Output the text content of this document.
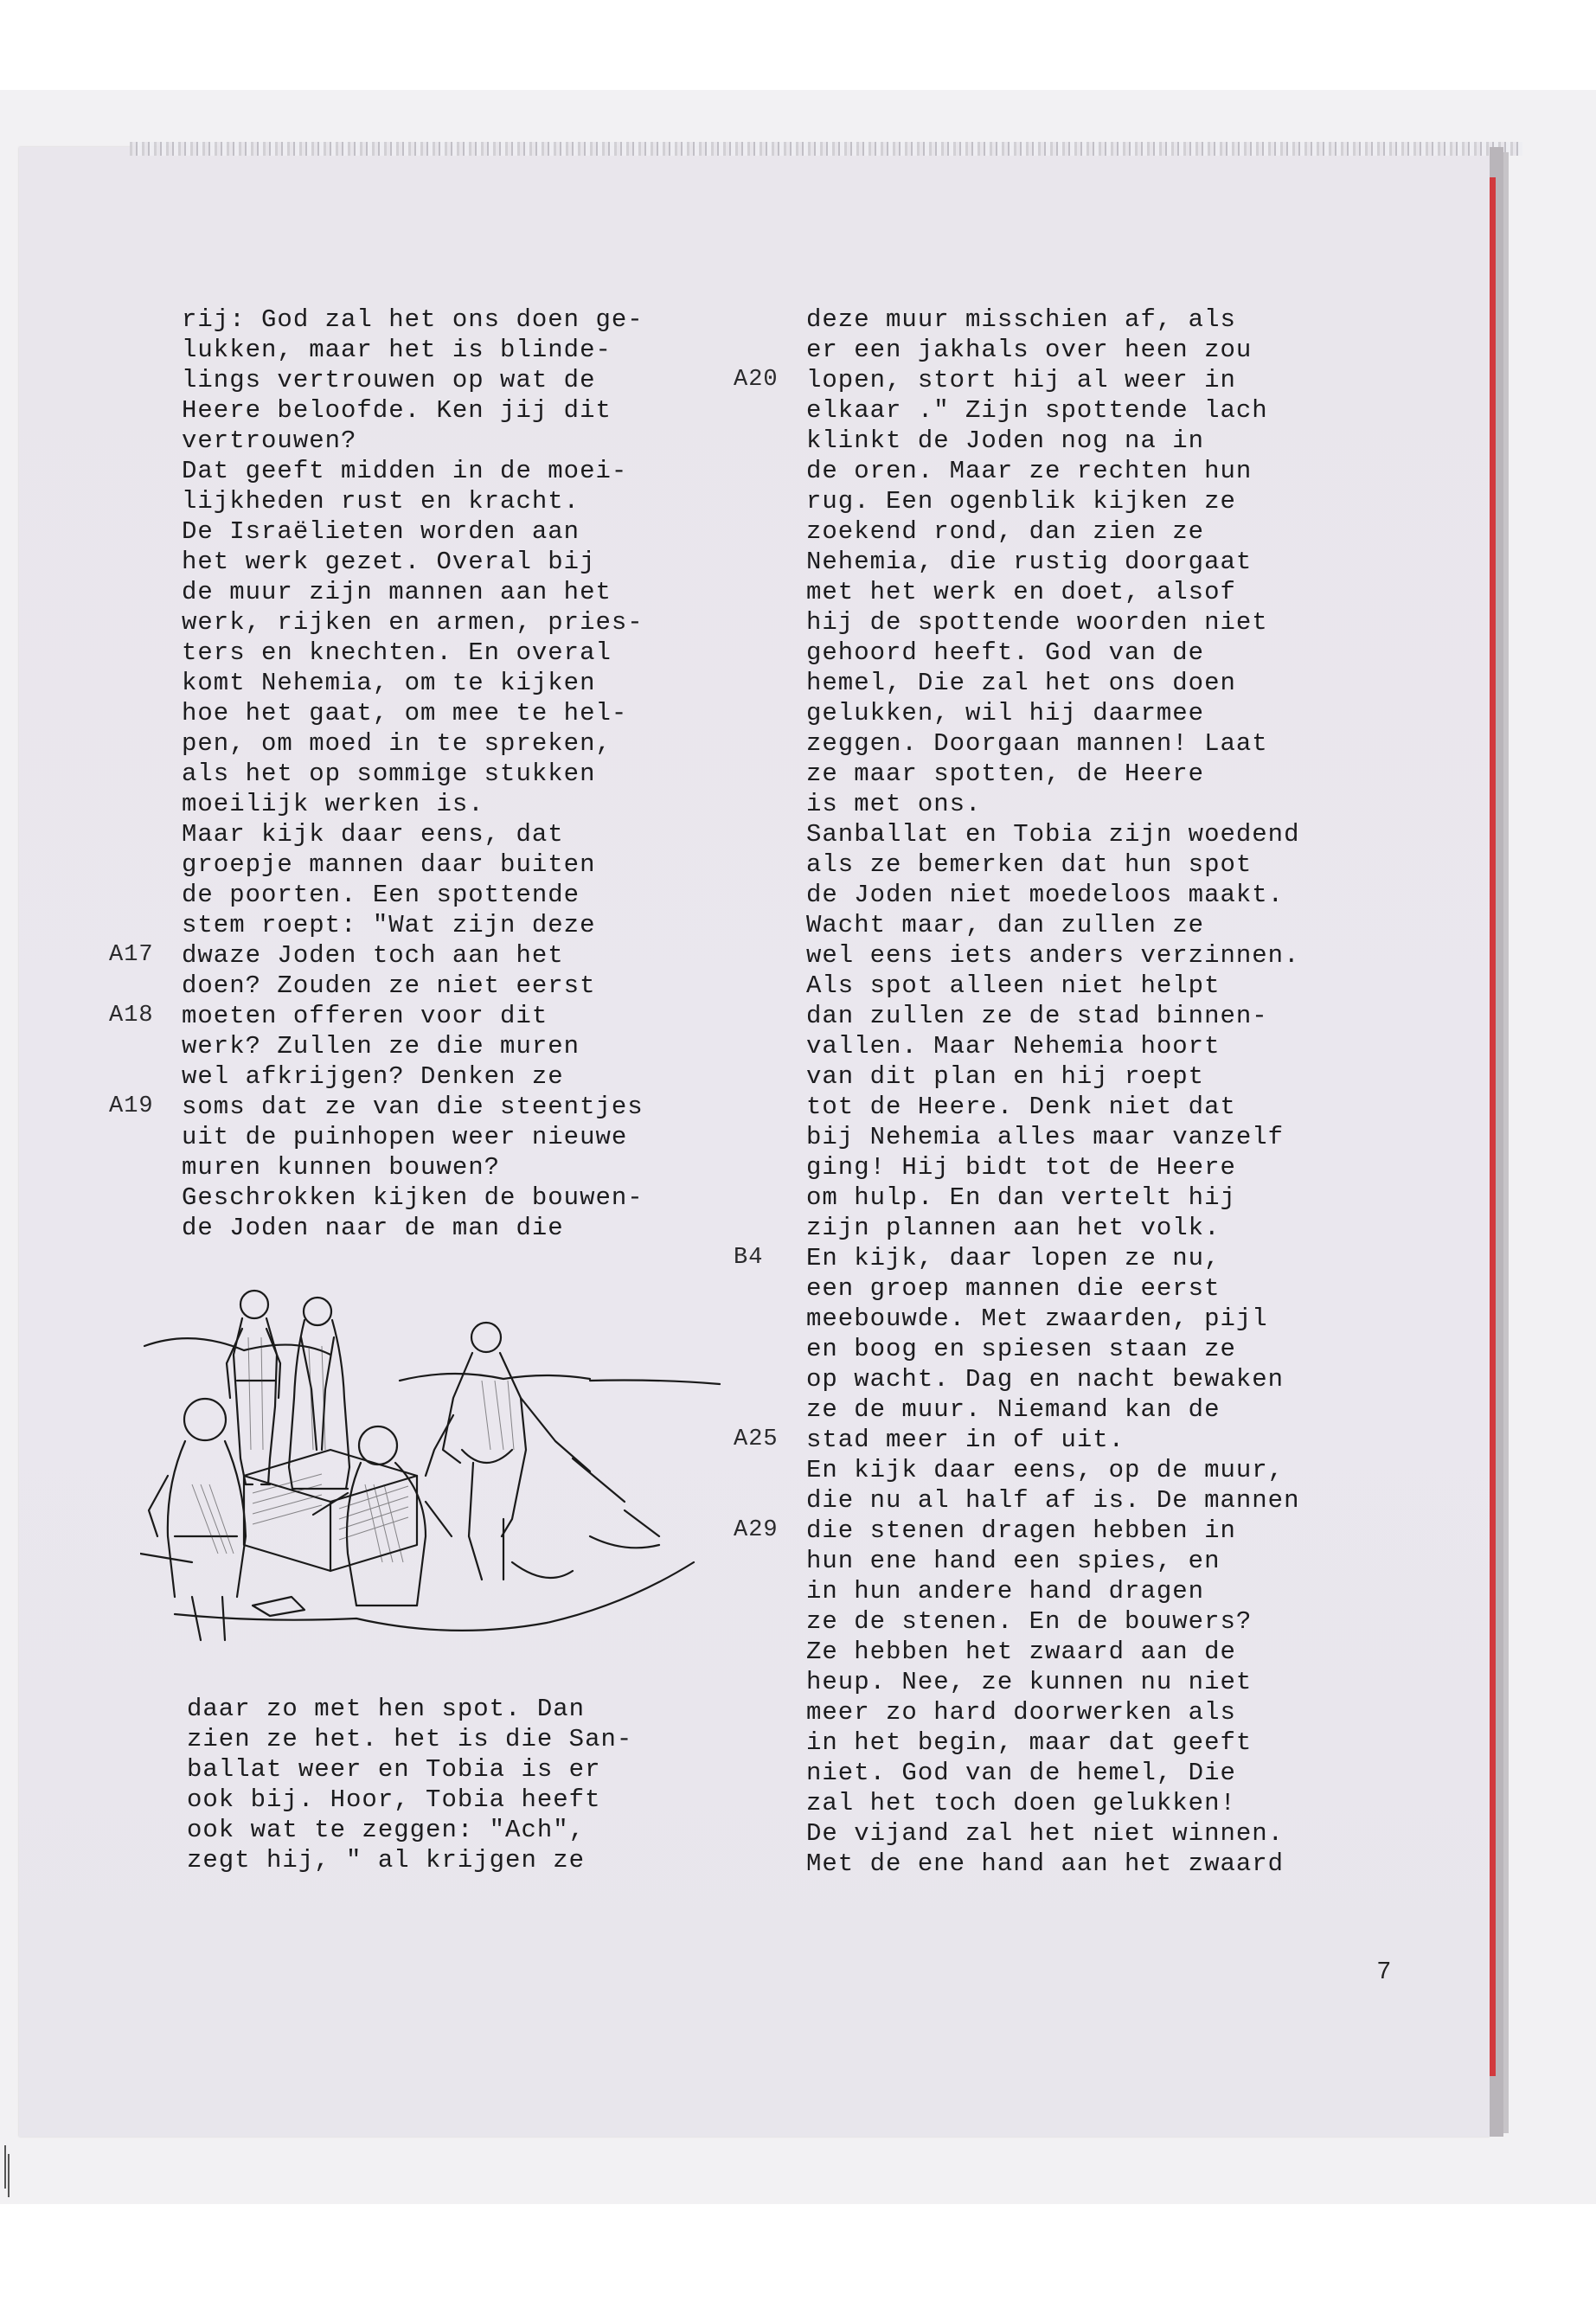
rij: God zal het ons doen ge-
lukken, maar het is blinde-
lings vertrouwen op wat de
Heere beloofde. Ken jij dit
vertrouwen?
Dat geeft midden in de moei-
lijkheden rust en kracht.
De Israëlieten worden aan
het werk gezet. Overal bij
de muur zijn mannen aan het
werk, rijken en armen, pries-
ters en knechten. En overal
komt Nehemia, om te kijken
hoe het gaat, om mee te hel-
pen, om moed in te spreken,
als het op sommige stukken
moeilijk werken is.
Maar kijk daar eens, dat
groepje mannen daar buiten
de poorten. Een spottende
stem roept: "Wat zijn deze
dwaze Joden toch aan het
doen? Zouden ze niet eerst
moeten offeren voor dit
werk? Zullen ze die muren
wel afkrijgen? Denken ze
soms dat ze van die steentjes
uit de puinhopen weer nieuwe
muren kunnen bouwen?
Geschrokken kijken de bouwen-
de Joden naar de man die
A17
A18
A19
daar zo met hen spot. Dan
zien ze het. het is die San-
ballat weer en Tobia is er
ook bij. Hoor, Tobia heeft
ook wat te zeggen: "Ach",
zegt hij, " al krijgen ze
deze muur misschien af, als
er een jakhals over heen zou
lopen, stort hij al weer in
elkaar ." Zijn spottende lach
klinkt de Joden nog na in
de oren. Maar ze rechten hun
rug. Een ogenblik kijken ze
zoekend rond, dan zien ze
Nehemia, die rustig doorgaat
met het werk en doet, alsof
hij de spottende woorden niet
gehoord heeft. God van de
hemel, Die zal het ons doen
gelukken, wil hij daarmee
zeggen. Doorgaan mannen! Laat
ze maar spotten, de Heere
is met ons.
Sanballat en Tobia zijn woedend
als ze bemerken dat hun spot
de Joden niet moedeloos maakt.
Wacht maar, dan zullen ze
wel eens iets anders verzinnen.
Als spot alleen niet helpt
dan zullen ze de stad binnen-
vallen. Maar Nehemia hoort
van dit plan en hij roept
tot de Heere. Denk niet dat
bij Nehemia alles maar vanzelf
ging! Hij bidt tot de Heere
om hulp. En dan vertelt hij
zijn plannen aan het volk.
En kijk, daar lopen ze nu,
een groep mannen die eerst
meebouwde. Met zwaarden, pijl
en boog en spiesen staan ze
op wacht. Dag en nacht bewaken
ze de muur. Niemand kan de
stad meer in of uit.
En kijk daar eens, op de muur,
die nu al half af is. De mannen
die stenen dragen hebben in
hun ene hand een spies, en
in hun andere hand dragen
ze de stenen. En de bouwers?
Ze hebben het zwaard aan de
heup. Nee, ze kunnen nu niet
meer zo hard doorwerken als
in het begin, maar dat geeft
niet. God van de hemel, Die
zal het toch doen gelukken!
De vijand zal het niet winnen.
Met de ene hand aan het zwaard
A20
B4
A25
A29
7
